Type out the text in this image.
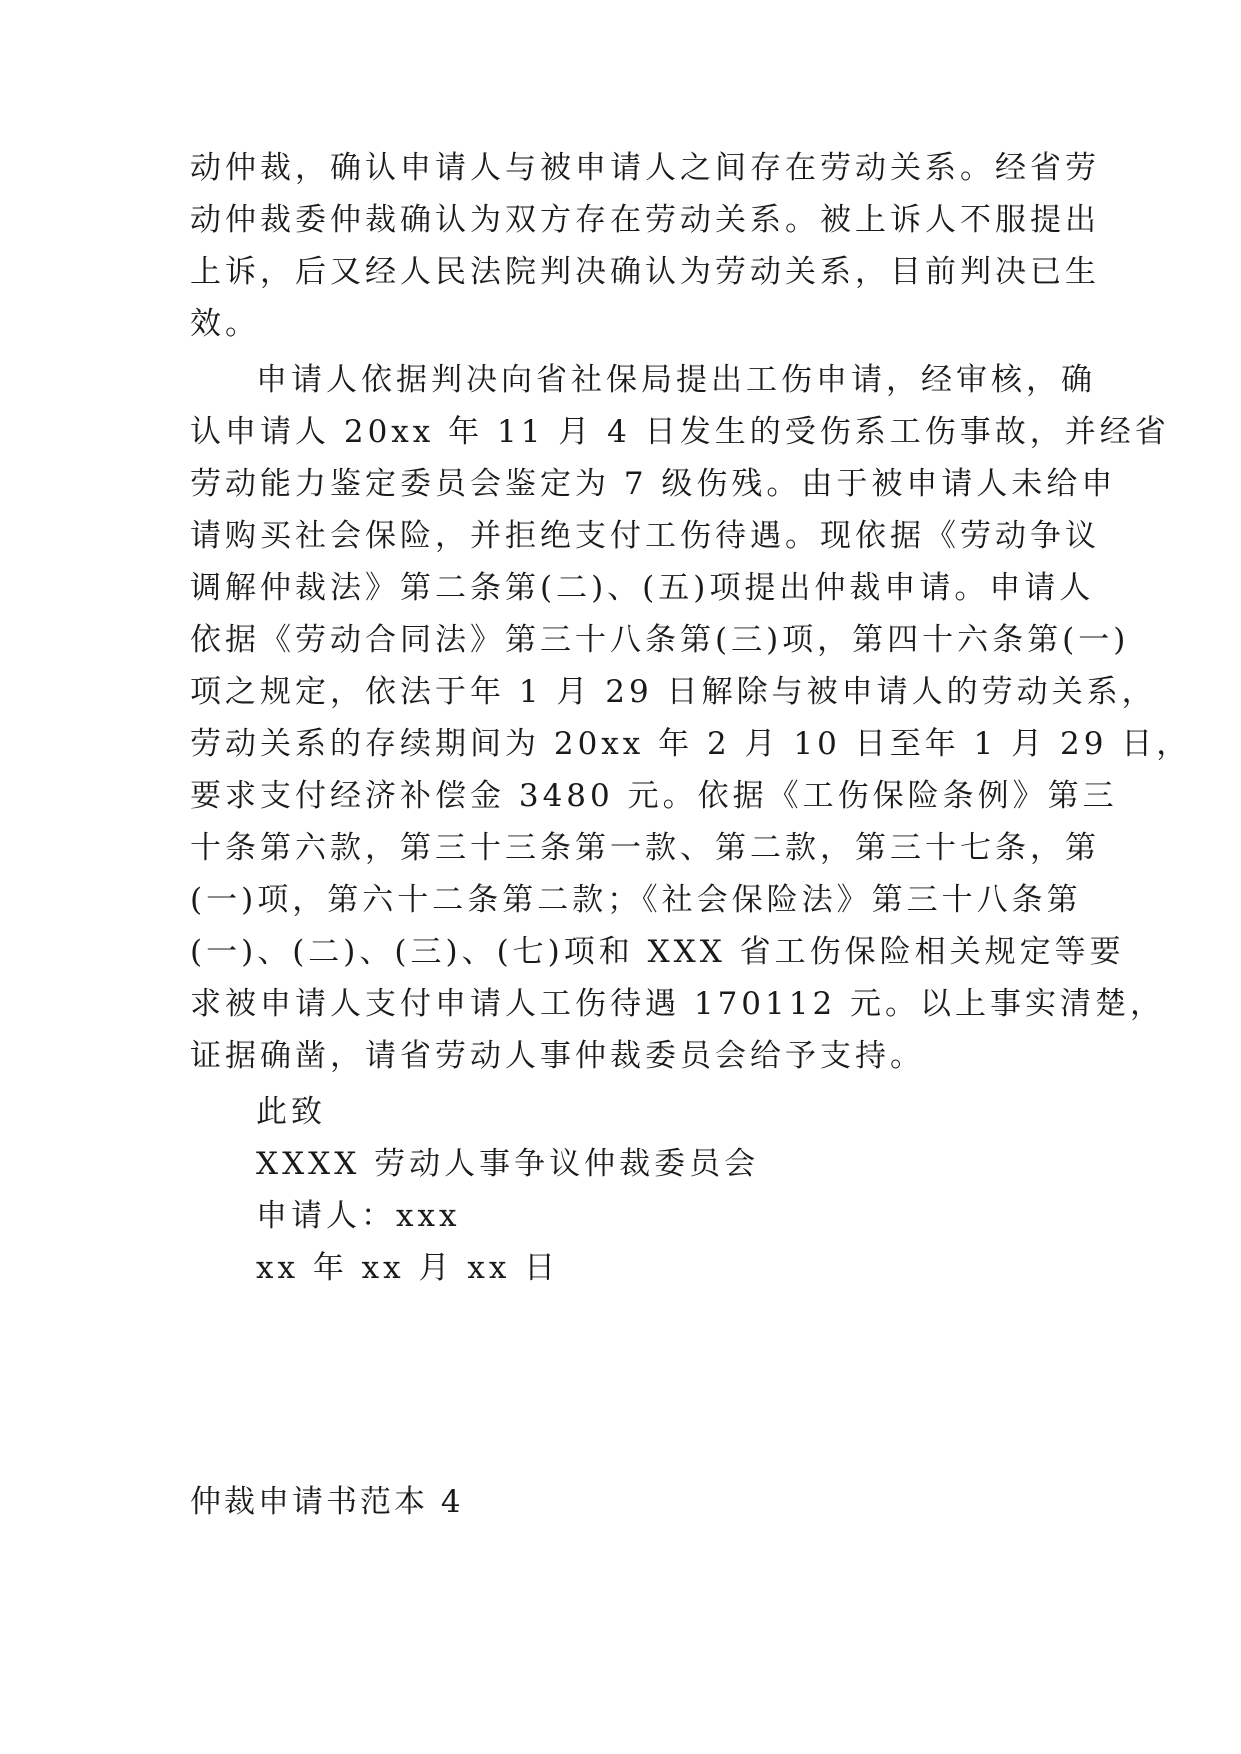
动仲裁，确认申请人与被申请人之间存在劳动关系。经省劳
动仲裁委仲裁确认为双方存在劳动关系。被上诉人不服提出
上诉，后又经人民法院判决确认为劳动关系，目前判决已生
效。
申请人依据判决向省社保局提出工伤申请，经审核，确
认申请人 20xx 年 11 月 4 日发生的受伤系工伤事故，并经省
劳动能力鉴定委员会鉴定为 7 级伤残。由于被申请人未给申
请购买社会保险，并拒绝支付工伤待遇。现依据《劳动争议
调解仲裁法》第二条第(二)、(五)项提出仲裁申请。申请人
依据《劳动合同法》第三十八条第(三)项，第四十六条第(一)
项之规定，依法于年 1 月 29 日解除与被申请人的劳动关系，
劳动关系的存续期间为 20xx 年 2 月 10 日至年 1 月 29 日，
要求支付经济补偿金 3480 元。依据《工伤保险条例》第三
十条第六款，第三十三条第一款、第二款，第三十七条，第
(一)项，第六十二条第二款；《社会保险法》第三十八条第
(一)、(二)、(三)、(七)项和 XXX 省工伤保险相关规定等要
求被申请人支付申请人工伤待遇 170112 元。以上事实清楚，
证据确凿，请省劳动人事仲裁委员会给予支持。
此致
XXXX 劳动人事争议仲裁委员会
申请人：xxx
xx 年 xx 月 xx 日
仲裁申请书范本 4
